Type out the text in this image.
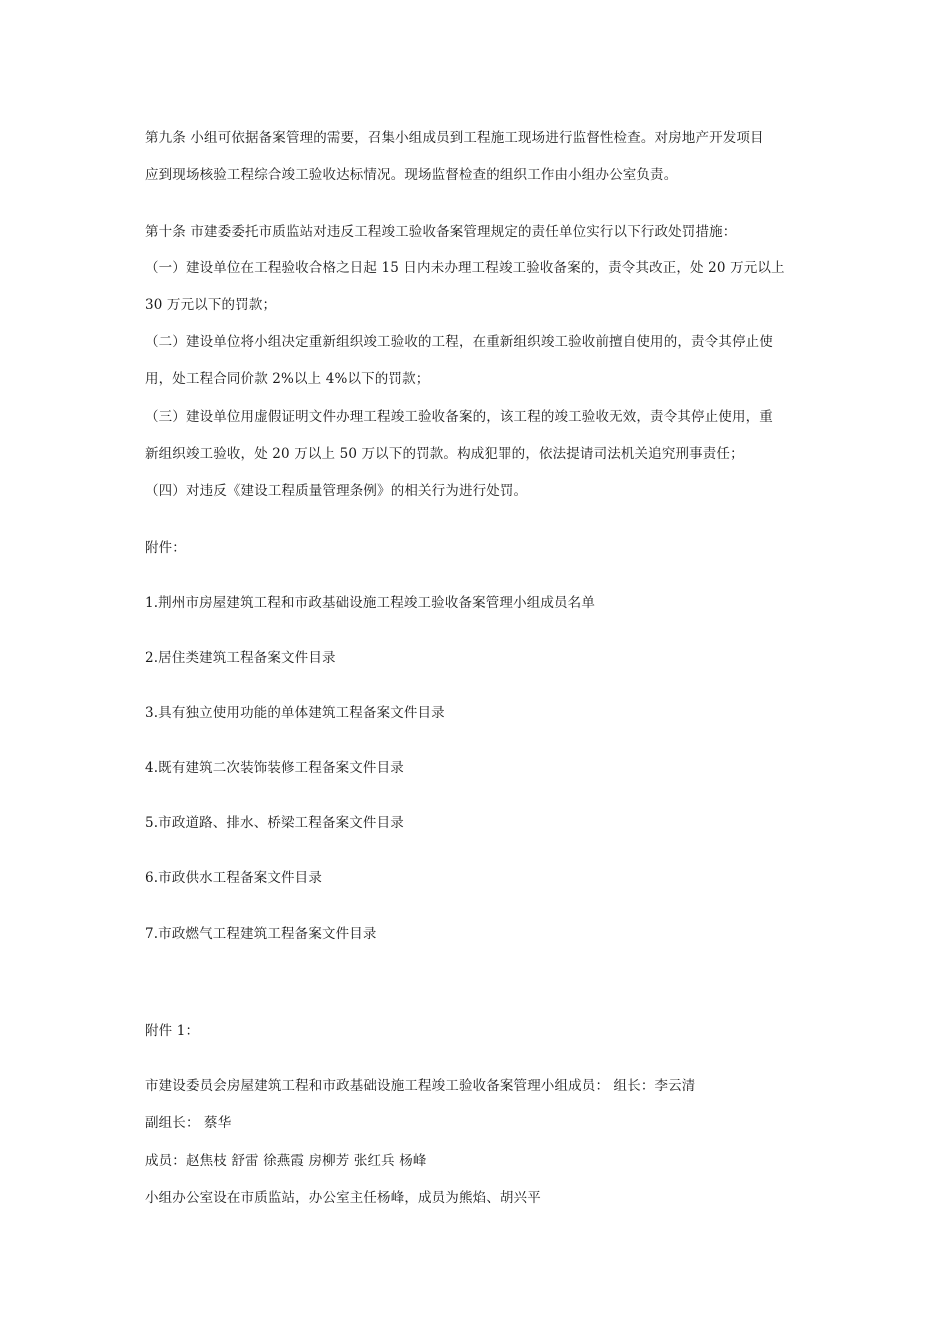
第九条 小组可依据备案管理的需要，召集小组成员到工程施工现场进行监督性检查。对房地产开发项目
应到现场核验工程综合竣工验收达标情况。现场监督检查的组织工作由小组办公室负责。
第十条 市建委委托市质监站对违反工程竣工验收备案管理规定的责任单位实行以下行政处罚措施：
（一）建设单位在工程验收合格之日起 15 日内未办理工程竣工验收备案的，责令其改正，处 20 万元以上
30 万元以下的罚款；
（二）建设单位将小组决定重新组织竣工验收的工程，在重新组织竣工验收前擅自使用的，责令其停止使
用，处工程合同价款 2%以上 4%以下的罚款；
（三）建设单位用虚假证明文件办理工程竣工验收备案的，该工程的竣工验收无效，责令其停止使用，重
新组织竣工验收，处 20 万以上 50 万以下的罚款。构成犯罪的，依法提请司法机关追究刑事责任；
（四）对违反《建设工程质量管理条例》的相关行为进行处罚。
附件：
1.荆州市房屋建筑工程和市政基础设施工程竣工验收备案管理小组成员名单
2.居住类建筑工程备案文件目录
3.具有独立使用功能的单体建筑工程备案文件目录
4.既有建筑二次装饰装修工程备案文件目录
5.市政道路、排水、桥梁工程备案文件目录
6.市政供水工程备案文件目录
7.市政燃气工程建筑工程备案文件目录
附件 1：
市建设委员会房屋建筑工程和市政基础设施工程竣工验收备案管理小组成员： 组长：李云清
副组长： 蔡华
成员：赵焦枝 舒雷 徐燕霞 房柳芳 张红兵 杨峰
小组办公室设在市质监站，办公室主任杨峰，成员为熊焰、胡兴平
